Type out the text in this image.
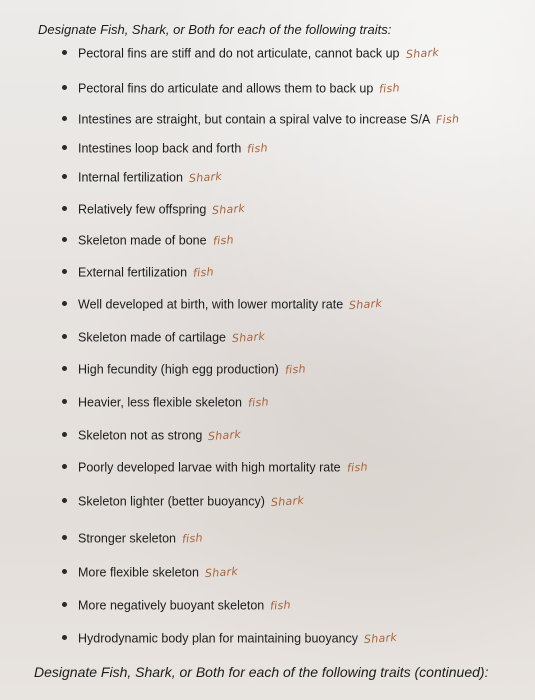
Designate Fish, Shark, or Both for each of the following traits:

Pectoral fins are stiff and do not articulate, cannot back up Shark
Pectoral fins do articulate and allows them to back up fish
Intestines are straight, but contain a spiral valve to increase S/A Fish
Intestines loop back and forth fish
Internal fertilization Shark
Relatively few offspring Shark
Skeleton made of bone fish
External fertilization fish
Well developed at birth, with lower mortality rate Shark
Skeleton made of cartilage Shark
High fecundity (high egg production) fish
Heavier, less flexible skeleton fish
Skeleton not as strong Shark
Poorly developed larvae with high mortality rate fish
Skeleton lighter (better buoyancy) Shark
Stronger skeleton fish
More flexible skeleton Shark
More negatively buoyant skeleton fish
Hydrodynamic body plan for maintaining buoyancy Shark

Designate Fish, Shark, or Both for each of the following traits (continued):
